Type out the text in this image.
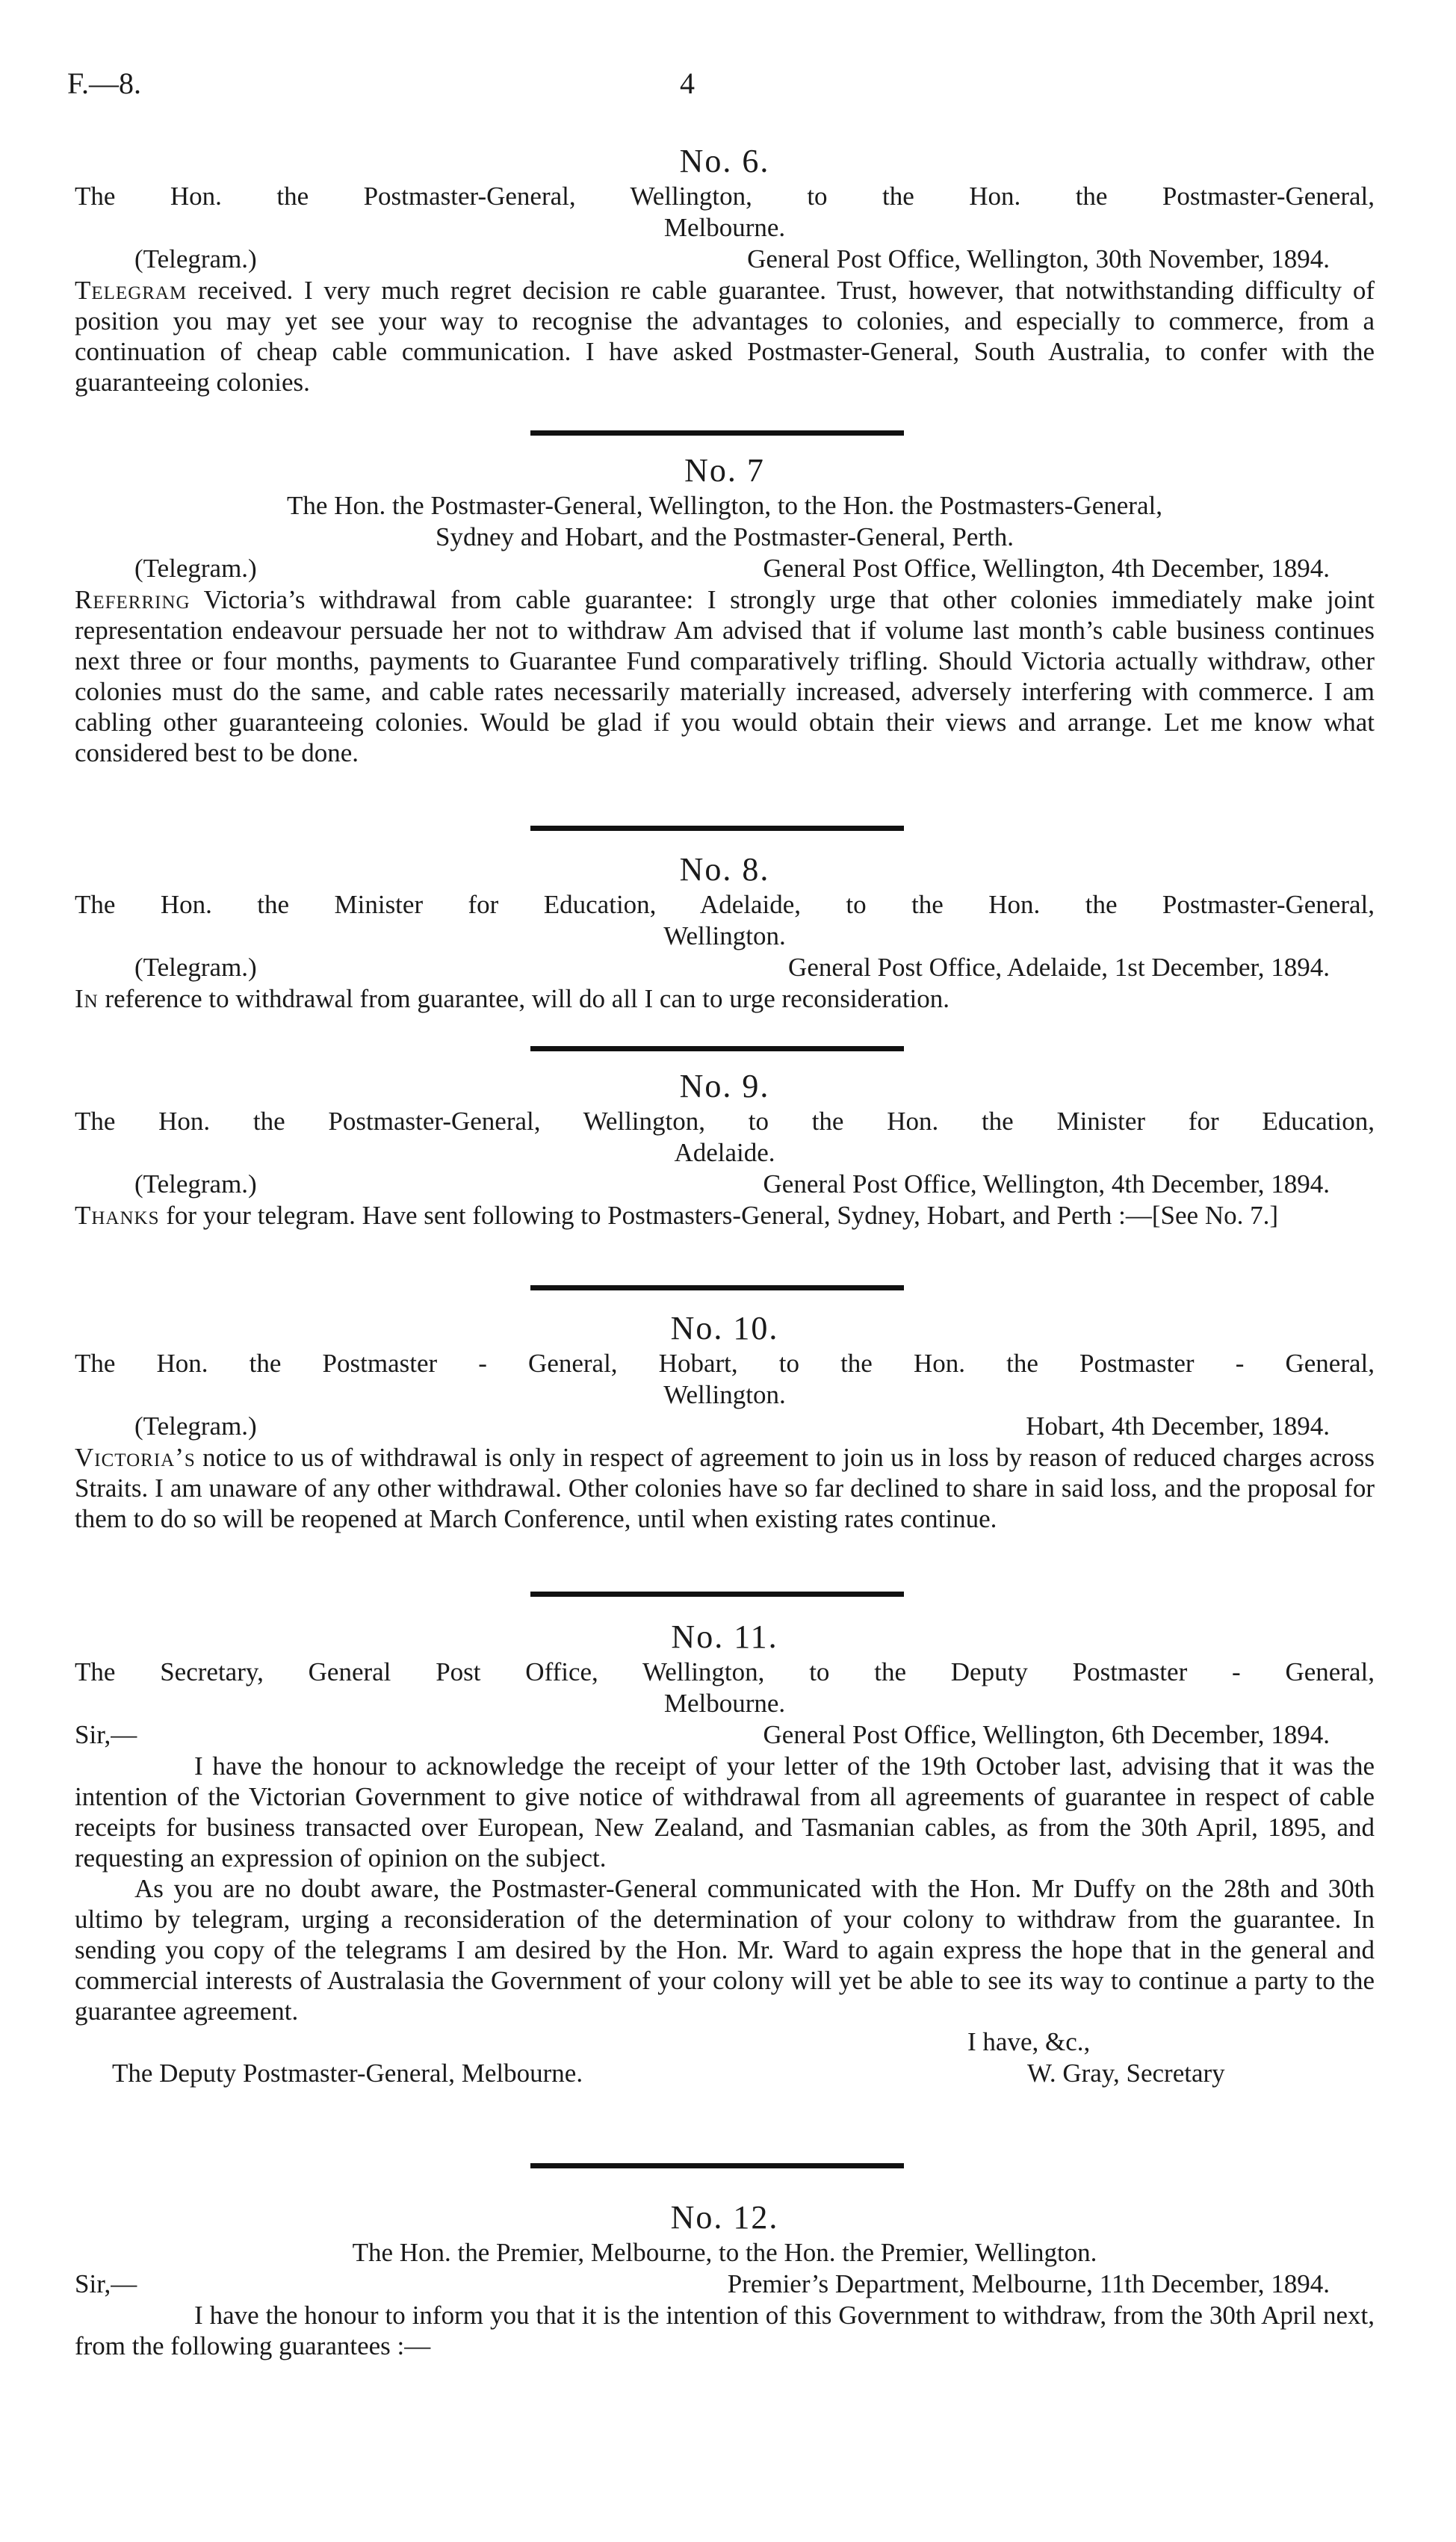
F.—8.	4

No. 6.

The Hon. the Postmaster-General, Wellington, to the Hon. the Postmaster-General,

Melbourne.

(Telegram.)	General Post Office, Wellington, 30th November, 1894.

Telegram received. I very much regret decision re cable guarantee. Trust, however, that notwithstanding difficulty of position you may yet see your way to recognise the advantages to colonies, and especially to commerce, from a continuation of cheap cable communication. I have asked Postmaster-General, South Australia, to confer with the guaranteeing colonies.

No. 7

The Hon. the Postmaster-General, Wellington, to the Hon. the Postmasters-General,

Sydney and Hobart, and the Postmaster-General, Perth.

(Telegram.)	General Post Office, Wellington, 4th December, 1894.

Referring Victoria’s withdrawal from cable guarantee: I strongly urge that other colonies immediately make joint representation endeavour persuade her not to withdraw Am advised that if volume last month’s cable business continues next three or four months, payments to Guarantee Fund comparatively trifling. Should Victoria actually withdraw, other colonies must do the same, and cable rates necessarily materially increased, adversely interfering with commerce. I am cabling other guaranteeing colonies. Would be glad if you would obtain their views and arrange. Let me know what considered best to be done.

No. 8.

The Hon. the Minister for Education, Adelaide, to the Hon. the Postmaster-General,

Wellington.

(Telegram.)	General Post Office, Adelaide, 1st December, 1894.

In reference to withdrawal from guarantee, will do all I can to urge reconsideration.

No. 9.

The Hon. the Postmaster-General, Wellington, to the Hon. the Minister for Education,

Adelaide.

(Telegram.)	General Post Office, Wellington, 4th December, 1894.

Thanks for your telegram. Have sent following to Postmasters-General, Sydney, Hobart, and Perth :—[See No. 7.]

No. 10.

The Hon. the Postmaster - General, Hobart, to the Hon. the Postmaster - General,

Wellington.

(Telegram.)	Hobart, 4th December, 1894.

Victoria’s notice to us of withdrawal is only in respect of agreement to join us in loss by reason of reduced charges across Straits. I am unaware of any other withdrawal. Other colonies have so far declined to share in said loss, and the proposal for them to do so will be reopened at March Conference, until when existing rates continue.

No. 11.

The Secretary, General Post Office, Wellington, to the Deputy Postmaster - General,

Melbourne.

Sir,—	General Post Office, Wellington, 6th December, 1894.

I have the honour to acknowledge the receipt of your letter of the 19th October last, advising that it was the intention of the Victorian Government to give notice of withdrawal from all agreements of guarantee in respect of cable receipts for business transacted over European, New Zealand, and Tasmanian cables, as from the 30th April, 1895, and requesting an expression of opinion on the subject.

As you are no doubt aware, the Postmaster-General communicated with the Hon. Mr Duffy on the 28th and 30th ultimo by telegram, urging a reconsideration of the determination of your colony to withdraw from the guarantee. In sending you copy of the telegrams I am desired by the Hon. Mr. Ward to again express the hope that in the general and commercial interests of Australasia the Government of your colony will yet be able to see its way to continue a party to the guarantee agreement.

I have, &c.,
The Deputy Postmaster-General, Melbourne.	W. Gray, Secretary

No. 12.

The Hon. the Premier, Melbourne, to the Hon. the Premier, Wellington.

Sir,—	Premier’s Department, Melbourne, 11th December, 1894.

I have the honour to inform you that it is the intention of this Government to withdraw, from the 30th April next, from the following guarantees :—
